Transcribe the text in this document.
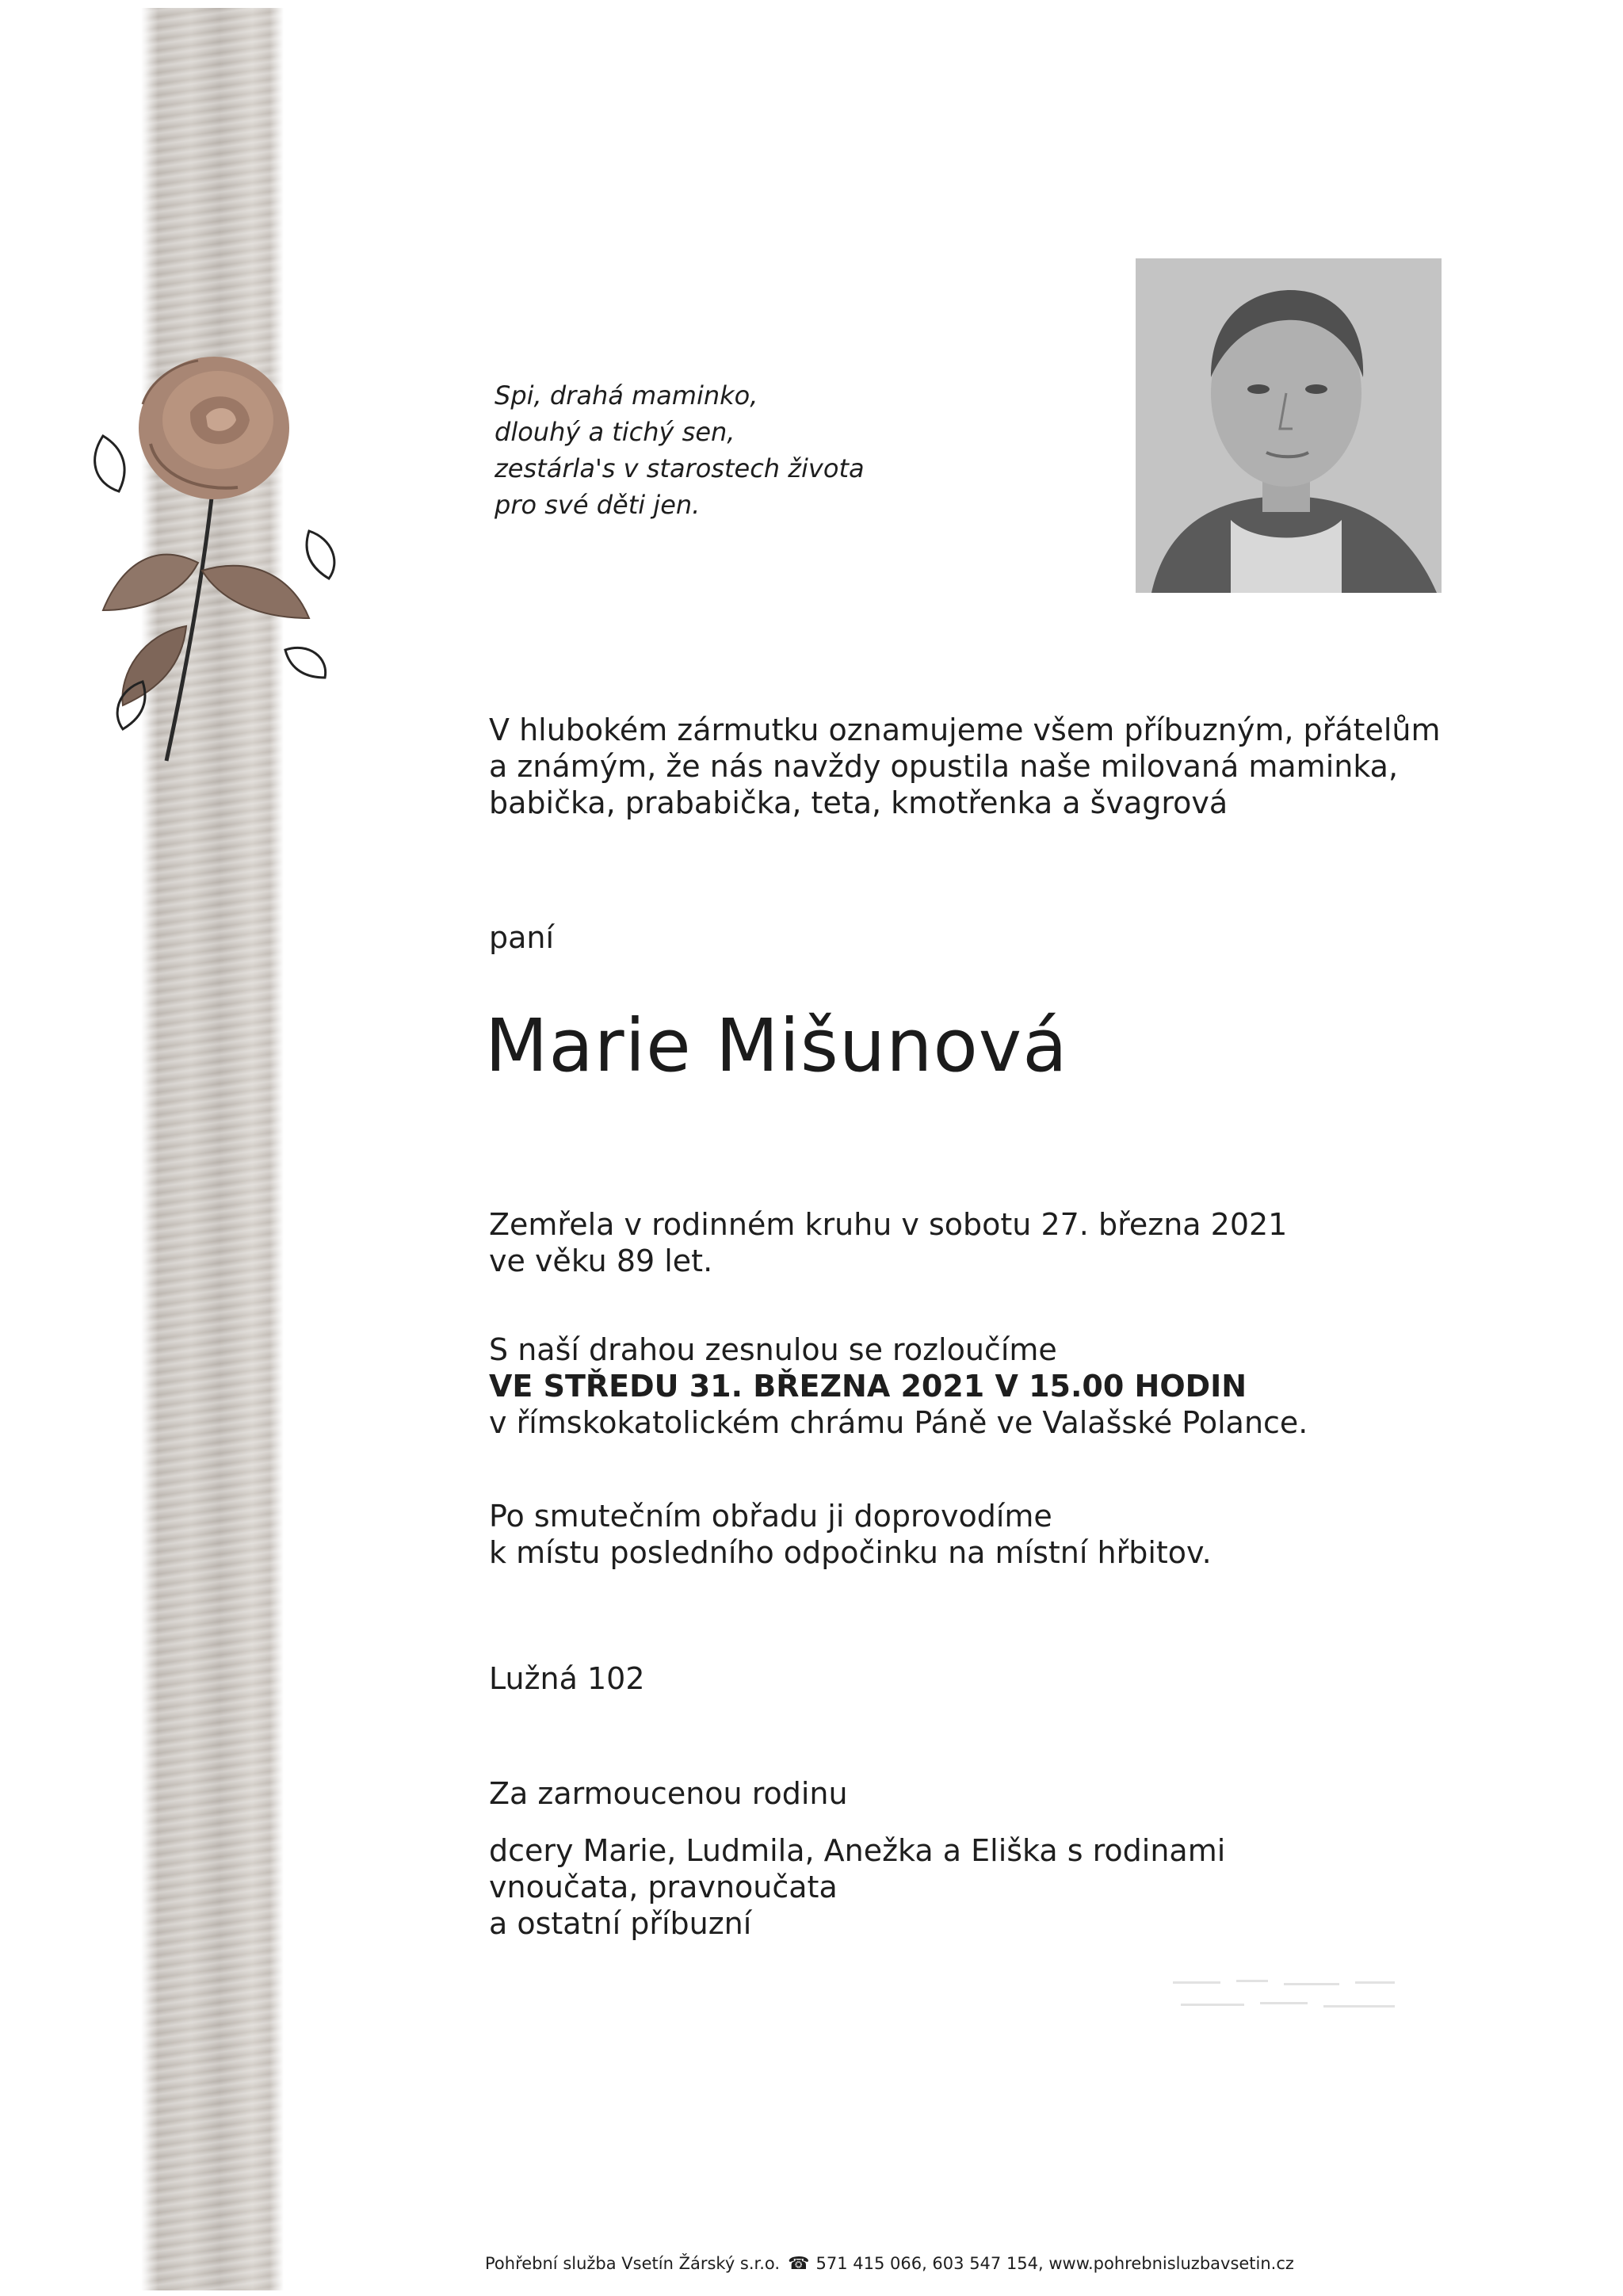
Spi, drahá maminko,
dlouhý a tichý sen,
zestárla's v starostech života
pro své děti jen.
V hlubokém zármutku oznamujeme všem příbuzným, přátelům
a známým, že nás navždy opustila naše milovaná maminka,
babička, prababička, teta, kmotřenka a švagrová
paní
Marie Mišunová
Zemřela v rodinném kruhu v sobotu 27. března 2021
ve věku 89 let.
S naší drahou zesnulou se rozloučíme
VE STŘEDU 31. BŘEZNA 2021 V 15.00 HODIN
v římskokatolickém chrámu Páně ve Valašské Polance.
Po smutečním obřadu ji doprovodíme
k místu posledního odpočinku na místní hřbitov.
Lužná 102
Za zarmoucenou rodinu
dcery Marie, Ludmila, Anežka a Eliška s rodinami
vnoučata, pravnoučata
a ostatní příbuzní
Pohřební služba Vsetín Žárský s.r.o. ☎ 571 415 066, 603 547 154, www.pohrebnisluzbavsetin.cz
